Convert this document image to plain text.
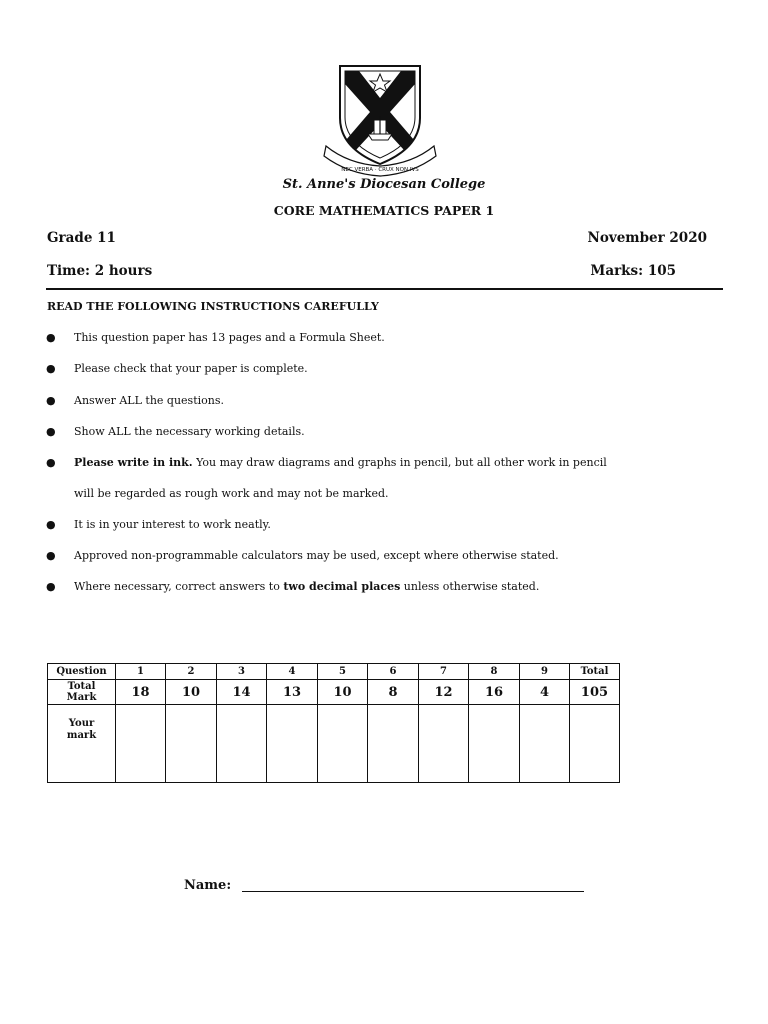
NEC VERBA · CRUX NON IVS
St. Anne's Diocesan College
CORE MATHEMATICS PAPER 1
Grade 11	November 2020
Time: 2 hours	Marks: 105
READ THE FOLLOWING INSTRUCTIONS CAREFULLY
● This question paper has 13 pages and a Formula Sheet.
● Please check that your paper is complete.
● Answer ALL the questions.
● Show ALL the necessary working details.
● Please write in ink. You may draw diagrams and graphs in pencil, but all other work in pencil
will be regarded as rough work and may not be marked.
● It is in your interest to work neatly.
● Approved non-programmable calculators may be used, except where otherwise stated.
● Where necessary, correct answers to two decimal places unless otherwise stated.
Question	1	2	3	4	5	6	7	8	9	Total
Total
Mark	18	10	14	13	10	8	12	16	4	105
Your
mark										
Name:
